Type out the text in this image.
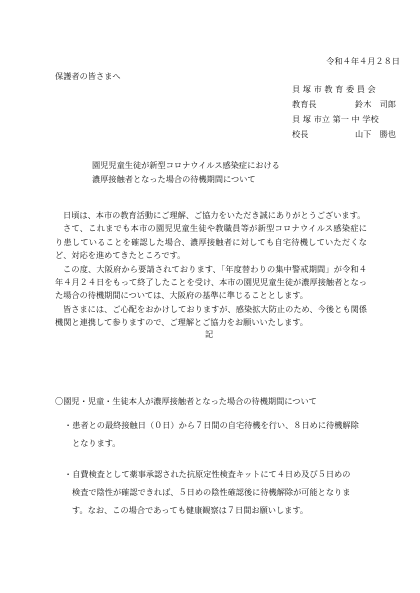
令和４年４月２８日
保護者の皆さまへ
貝 塚 市 教 育 委 員 会
教育長	鈴木　司郎
貝 塚 市立 第一 中 学校
校長	山下　勝也
園児児童生徒が新型コロナウイルス感染症における
濃厚接触者となった場合の待機期間について

日頃は、本市の教育活動にご理解、ご協力をいただき誠にありがとうございます。

さて、これまでも本市の園児児童生徒や教職員等が新型コロナウイルス感染症に り患していることを確認した場合、濃厚接触者に対しても自宅待機していただくなど、対応を進めてきたところです。

この度、大阪府から要請されております、「年度替わりの集中警戒期間」が令和４年４月２４日をもって終了したことを受け、本市の園児児童生徒が濃厚接触者となった場合の待機期間については、大阪府の基準に準じることとします。

皆さまには、ご心配をおかけしておりますが、感染拡大防止のため、今後とも関係機関と連携して参りますので、ご理解とご協力をお願いいたします。

記
〇園児・児童・生徒本人が濃厚接触者となった場合の待機期間について
・患者との最終接触日（０日）から７日間の自宅待機を行い、８日めに待機解除
となります。
・自費検査として薬事承認された抗原定性検査キットにて４日め及び５日めの
検査で陰性が確認できれば、５日めの陰性確認後に待機解除が可能となりま
す。なお、この場合であっても健康観察は７日間お願いします。
